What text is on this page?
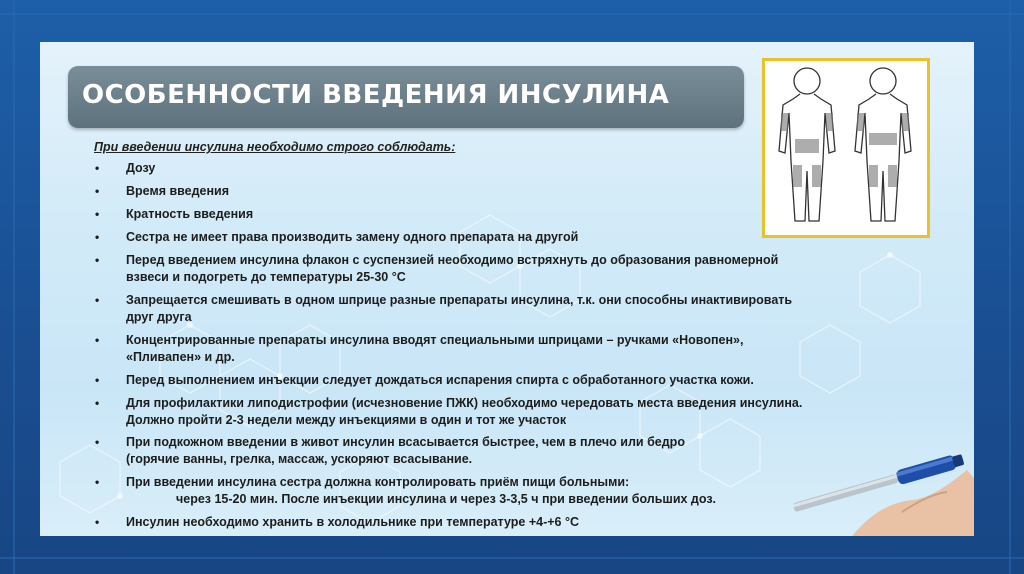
ОСОБЕННОСТИ ВВЕДЕНИЯ ИНСУЛИНА
При введении инсулина необходимо строго соблюдать:
• Дозу
• Время введения
• Кратность введения
• Сестра не имеет права производить замену одного препарата на другой
• Перед введением инсулина флакон с суспензией необходимо встряхнуть до образования равномерной
взвеси и подогреть до температуры 25-30 °С
• Запрещается смешивать в одном шприце разные препараты инсулина, т.к. они способны инактивировать
друг друга
• Концентрированные препараты инсулина вводят специальными шприцами – ручками «Новопен»,
«Пливапен» и др.
• Перед выполнением инъекции следует дождаться испарения спирта с обработанного участка кожи.
• Для профилактики липодистрофии (исчезновение ПЖК) необходимо чередовать места введения инсулина.
Должно пройти 2-3 недели между инъекциями в один и тот же участок
• При подкожном введении в живот инсулин всасывается быстрее, чем в плечо или бедро
(горячие ванны, грелка, массаж, ускоряют всасывание.
• При введении инсулина сестра должна контролировать приём пищи больными:
через 15-20 мин. После инъекции инсулина и через 3-3,5 ч при введении больших доз.
• Инсулин необходимо хранить в холодильнике при температуре +4-+6 °С
